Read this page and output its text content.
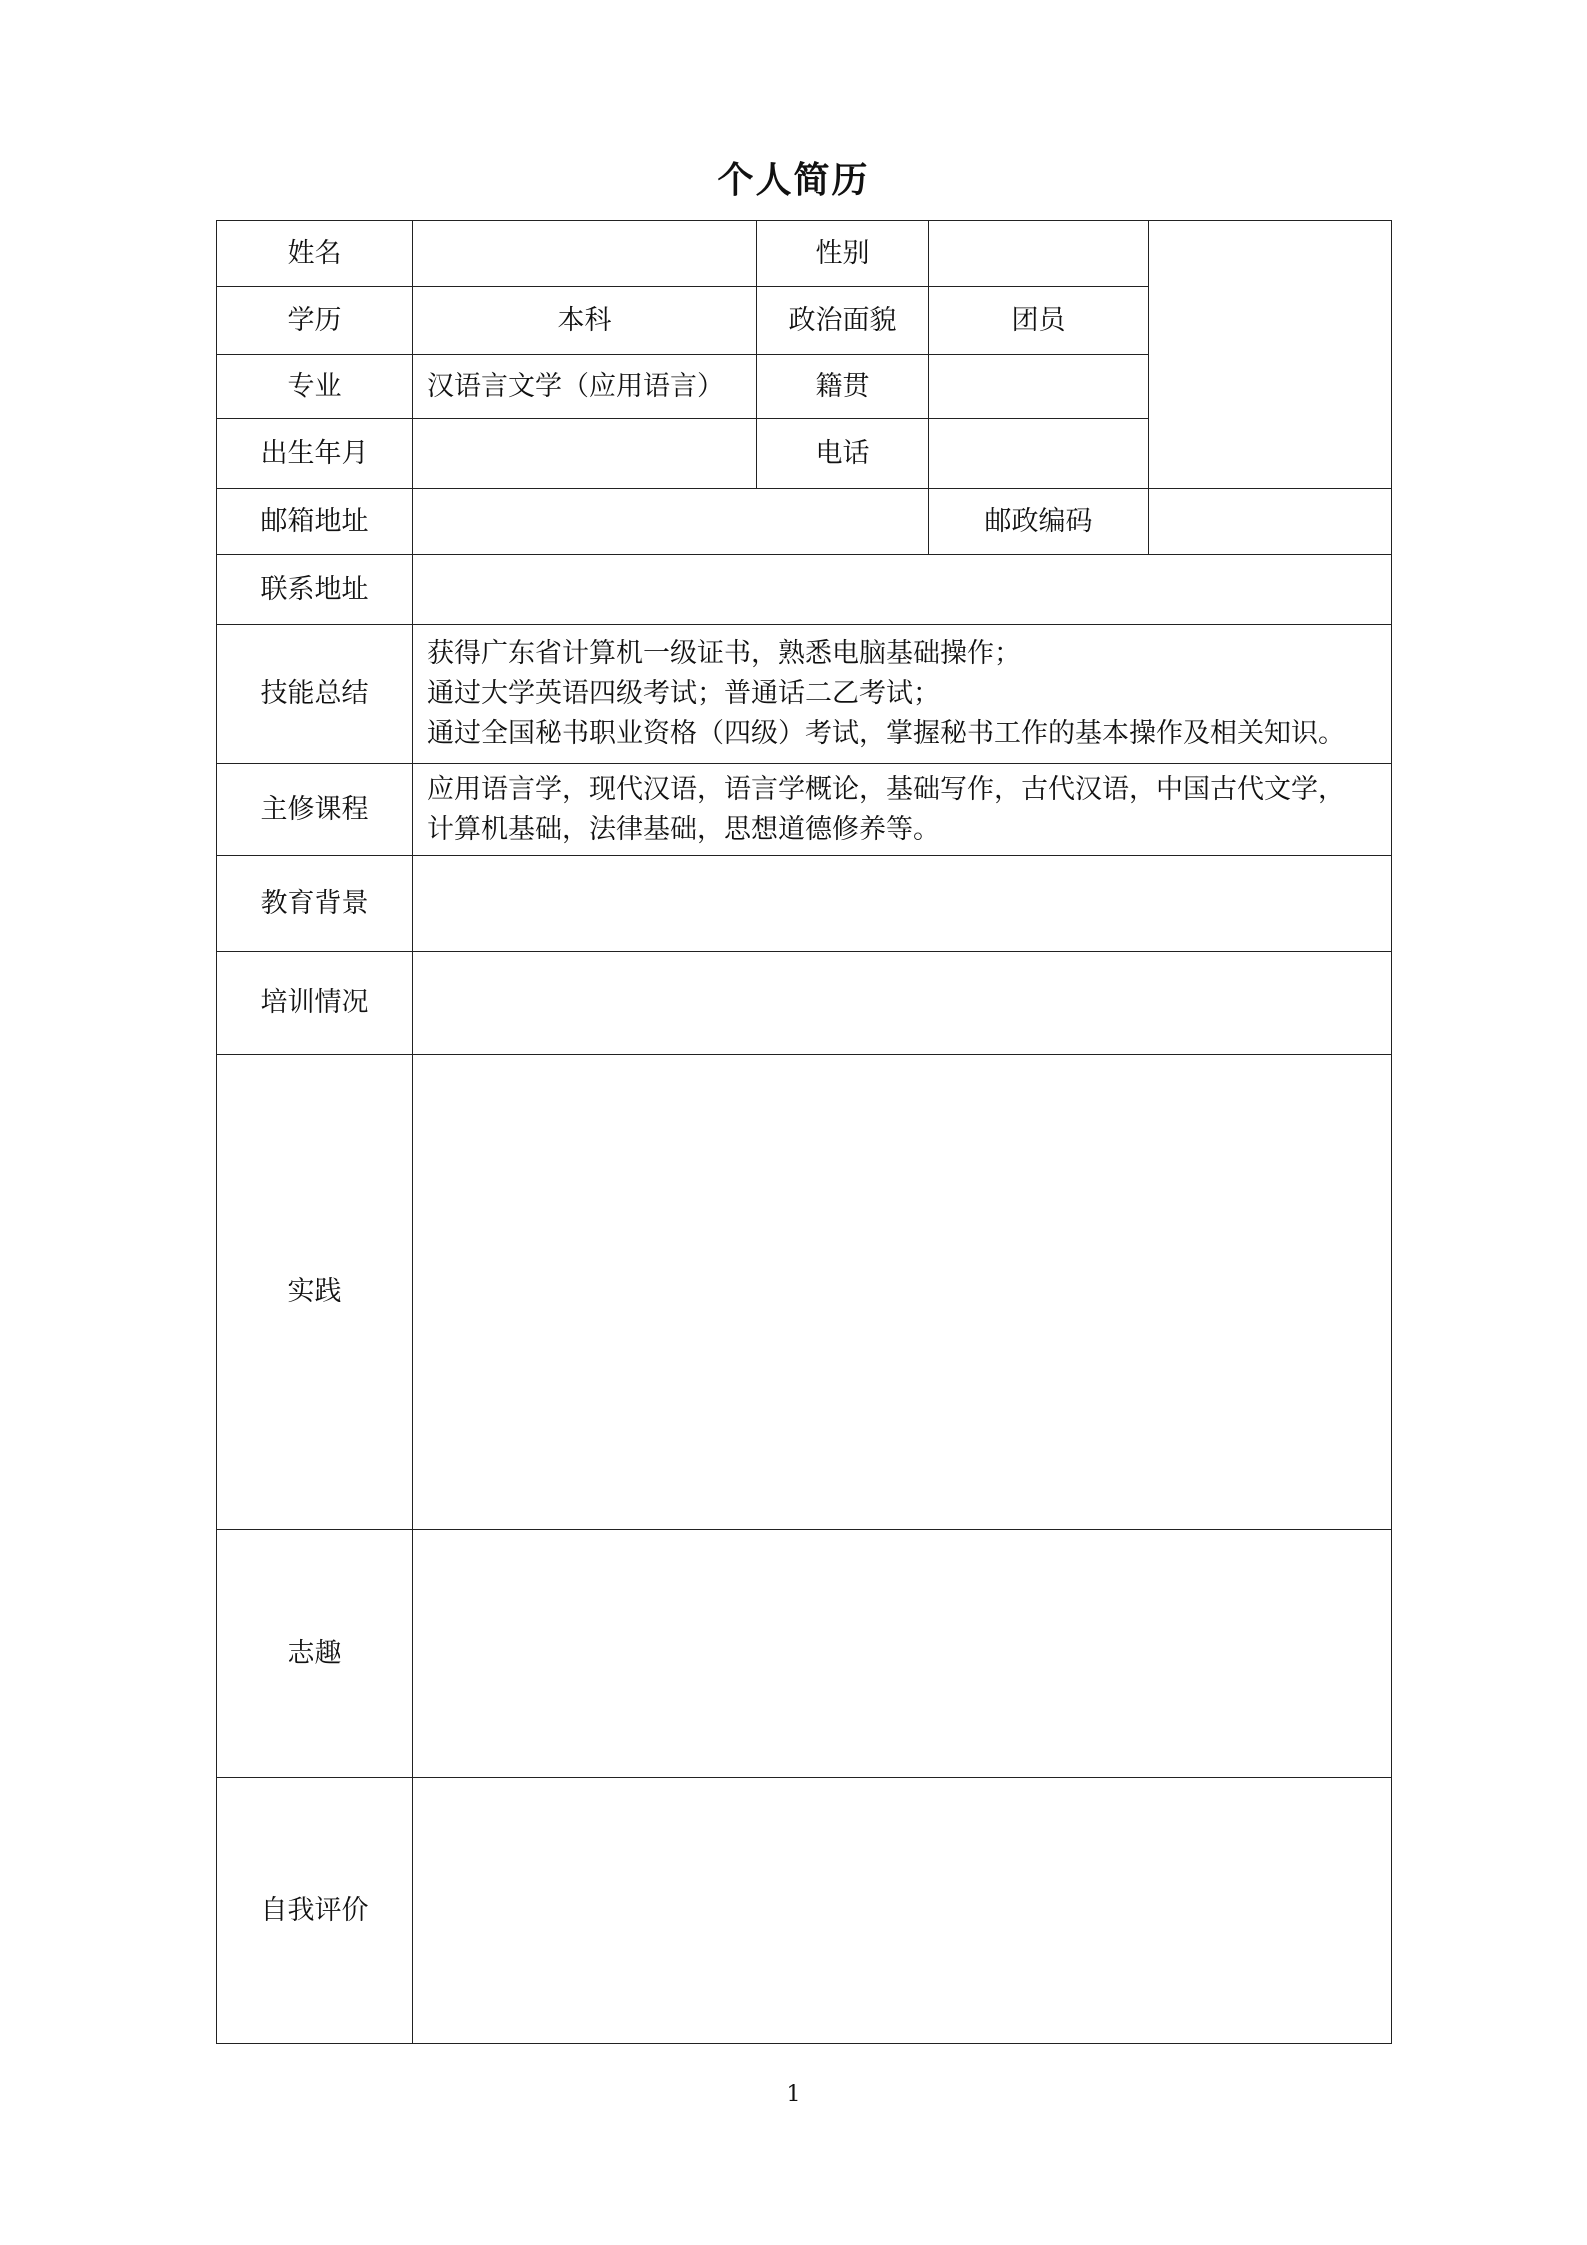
个人简历
姓名		性别		
学历	本科	政治面貌	团员	
专业	汉语言文学（应用语言）	籍贯		
出生年月		电话		
邮箱地址			邮政编码	
联系地址				
技能总结	获得广东省计算机一级证书，熟悉电脑基础操作；
通过大学英语四级考试；普通话二乙考试；
通过全国秘书职业资格（四级）考试，掌握秘书工作的基本操作及相关知识。			

主修课程	应用语言学，现代汉语，语言学概论，基础写作，古代汉语，中国古代文学，
计算机基础，法律基础，思想道德修养等。			

教育背景				
培训情况				
实践				
志趣				
自我评价				
1
